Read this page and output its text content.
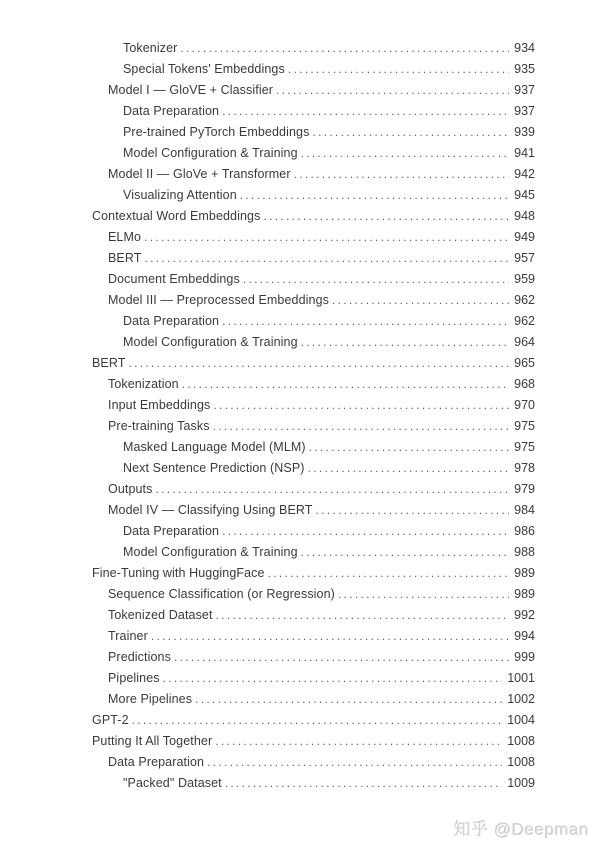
Tokenizer .....	934
Special Tokens' Embeddings .....	935
Model I — GloVE + Classifier .....	937
Data Preparation .....	937
Pre-trained PyTorch Embeddings .....	939
Model Configuration & Training .....	941
Model II — GloVe + Transformer .....	942
Visualizing Attention .....	945
Contextual Word Embeddings .....	948
ELMo .....	949
BERT .....	957
Document Embeddings .....	959
Model III — Preprocessed Embeddings .....	962
Data Preparation .....	962
Model Configuration & Training .....	964
BERT .....	965
Tokenization .....	968
Input Embeddings .....	970
Pre-training Tasks .....	975
Masked Language Model (MLM) .....	975
Next Sentence Prediction (NSP) .....	978
Outputs .....	979
Model IV — Classifying Using BERT .....	984
Data Preparation .....	986
Model Configuration & Training .....	988
Fine-Tuning with HuggingFace .....	989
Sequence Classification (or Regression) .....	989
Tokenized Dataset .....	992
Trainer .....	994
Predictions .....	999
Pipelines .....	1001
More Pipelines .....	1002
GPT-2 .....	1004
Putting It All Together .....	1008
Data Preparation .....	1008
"Packed" Dataset .....	1009
知乎 @Deepman
